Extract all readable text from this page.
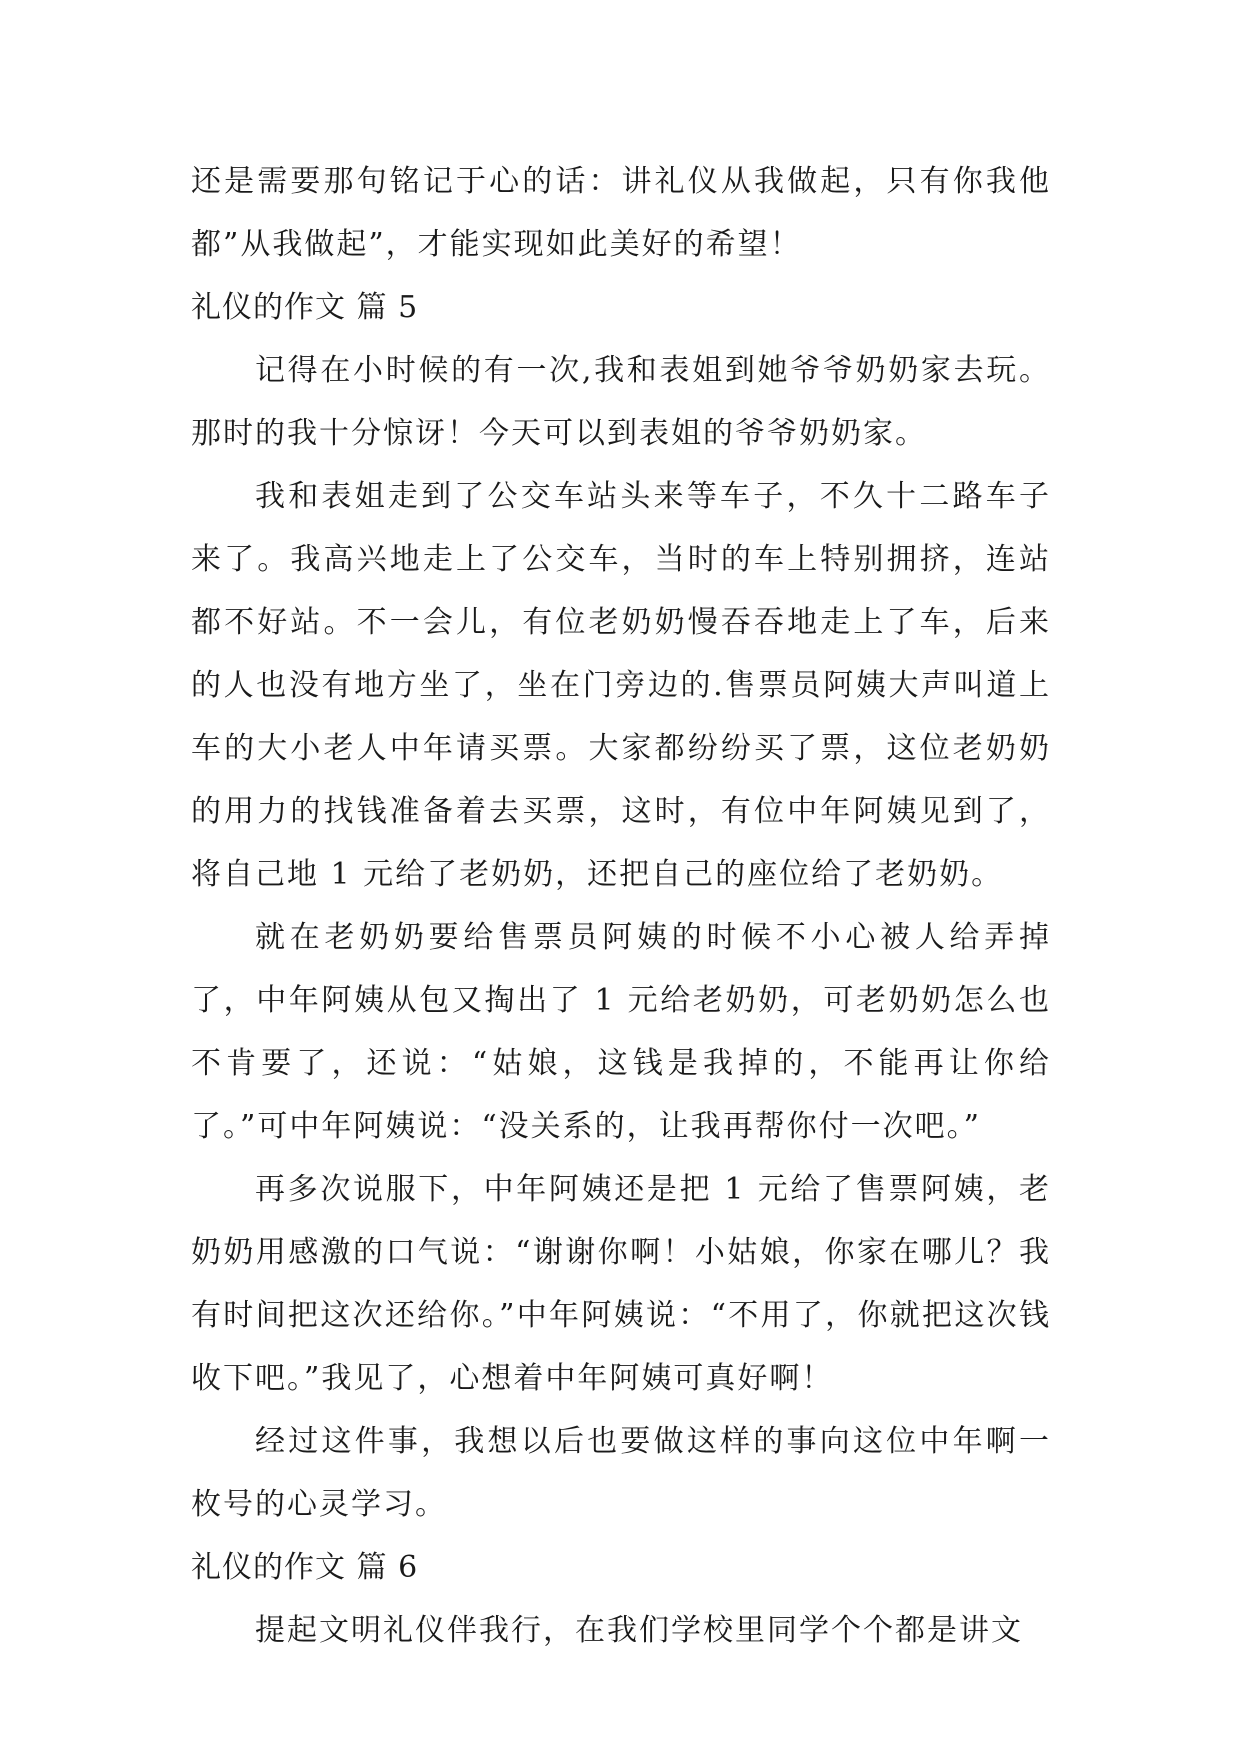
还是需要那句铭记于心的话：讲礼仪从我做起，只有你我他都”从我做起”，才能实现如此美好的希望！

礼仪的作文 篇 5

记得在小时候的有一次,我和表姐到她爷爷奶奶家去玩。那时的我十分惊讶！今天可以到表姐的爷爷奶奶家。

我和表姐走到了公交车站头来等车子，不久十二路车子来了。我高兴地走上了公交车，当时的车上特别拥挤，连站都不好站。不一会儿，有位老奶奶慢吞吞地走上了车，后来的人也没有地方坐了，坐在门旁边的.售票员阿姨大声叫道上车的大小老人中年请买票。大家都纷纷买了票，这位老奶奶的用力的找钱准备着去买票，这时，有位中年阿姨见到了，将自己地 1 元给了老奶奶，还把自己的座位给了老奶奶。

就在老奶奶要给售票员阿姨的时候不小心被人给弄掉了，中年阿姨从包又掏出了 1 元给老奶奶，可老奶奶怎么也不肯要了，还说：“姑娘，这钱是我掉的，不能再让你给了。”可中年阿姨说：“没关系的，让我再帮你付一次吧。”

再多次说服下，中年阿姨还是把 1 元给了售票阿姨，老奶奶用感激的口气说：“谢谢你啊！小姑娘，你家在哪儿？我有时间把这次还给你。”中年阿姨说：“不用了，你就把这次钱收下吧。”我见了，心想着中年阿姨可真好啊！

经过这件事，我想以后也要做这样的事向这位中年啊一枚号的心灵学习。

礼仪的作文 篇 6

提起文明礼仪伴我行，在我们学校里同学个个都是讲文
